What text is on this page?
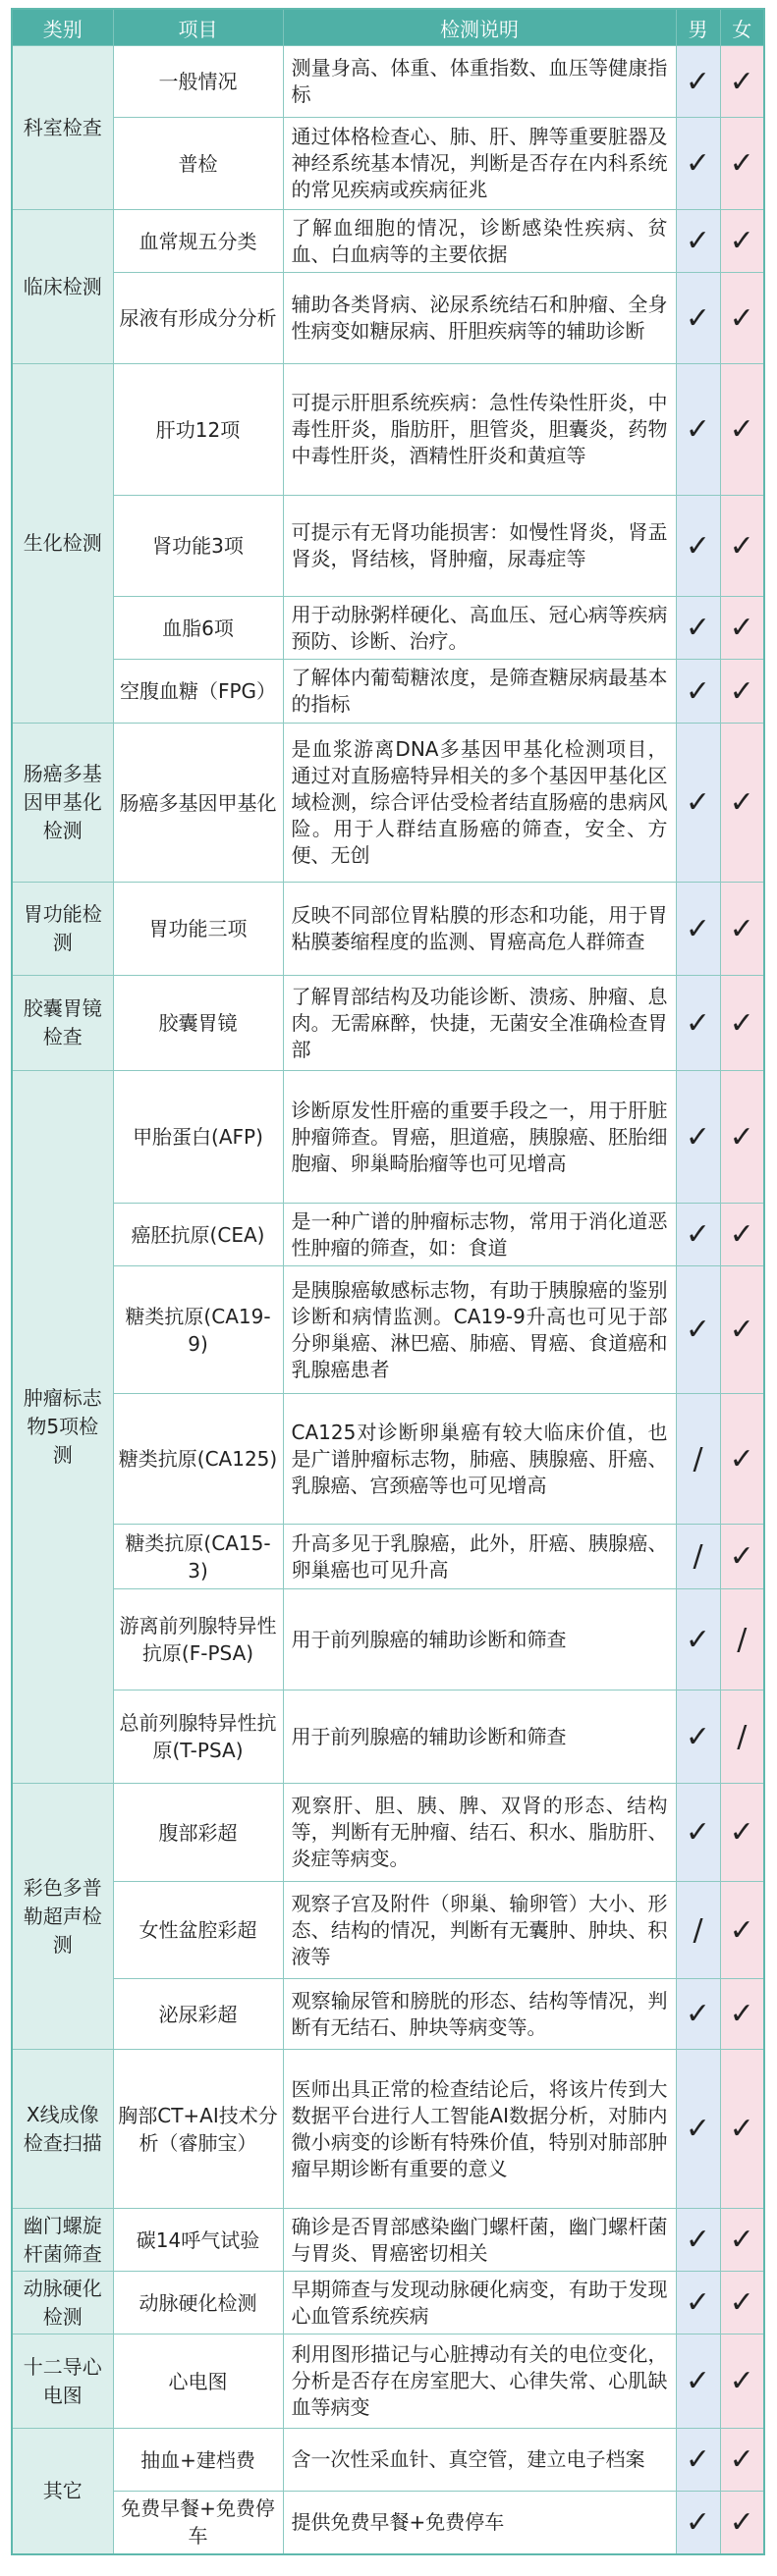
类别	项目	检测说明	男	女
科室检查	一般情况	测量身高、体重、体重指数、血压等健康指标	✓	✓
	普检	通过体格检查心、肺、肝、脾等重要脏器及神经系统基本情况，判断是否存在内科系统的常见疾病或疾病征兆	✓	✓
临床检测	血常规五分类	了解血细胞的情况，诊断感染性疾病、贫血、白血病等的主要依据	✓	✓
	尿液有形成分分析	辅助各类肾病、泌尿系统结石和肿瘤、全身性病变如糖尿病、肝胆疾病等的辅助诊断	✓	✓
生化检测	肝功12项	可提示肝胆系统疾病：急性传染性肝炎，中毒性肝炎，脂肪肝，胆管炎，胆囊炎，药物中毒性肝炎，酒精性肝炎和黄疸等	✓	✓
	肾功能3项	可提示有无肾功能损害：如慢性肾炎，肾盂肾炎，肾结核，肾肿瘤，尿毒症等	✓	✓
	血脂6项	用于动脉粥样硬化、高血压、冠心病等疾病预防、诊断、治疗。	✓	✓
	空腹血糖（FPG）	了解体内葡萄糖浓度，是筛查糖尿病最基本的指标	✓	✓
肠癌多基因甲基化检测	肠癌多基因甲基化	是血浆游离DNA多基因甲基化检测项目，通过对直肠癌特异相关的多个基因甲基化区域检测，综合评估受检者结直肠癌的患病风险。用于人群结直肠癌的筛查，安全、方便、无创	✓	✓
胃功能检测	胃功能三项	反映不同部位胃粘膜的形态和功能，用于胃粘膜萎缩程度的监测、胃癌高危人群筛查	✓	✓
胶囊胃镜检查	胶囊胃镜	了解胃部结构及功能诊断、溃疡、肿瘤、息肉。无需麻醉，快捷，无菌安全准确检查胃部	✓	✓
肿瘤标志物5项检测	甲胎蛋白(AFP)	诊断原发性肝癌的重要手段之一，用于肝脏肿瘤筛查。胃癌，胆道癌，胰腺癌、胚胎细胞瘤、卵巢畸胎瘤等也可见增高	✓	✓
	癌胚抗原(CEA)	是一种广谱的肿瘤标志物，常用于消化道恶性肿瘤的筛查，如：食道	✓	✓
	糖类抗原(CA19-9)	是胰腺癌敏感标志物，有助于胰腺癌的鉴别诊断和病情监测。CA19-9升高也可见于部分卵巢癌、淋巴癌、肺癌、胃癌、食道癌和乳腺癌患者	✓	✓
	糖类抗原(CA125)	CA125对诊断卵巢癌有较大临床价值，也是广谱肿瘤标志物，肺癌、胰腺癌、肝癌、乳腺癌、宫颈癌等也可见增高	/	✓
	糖类抗原(CA15-3)	升高多见于乳腺癌，此外，肝癌、胰腺癌、卵巢癌也可见升高	/	✓
	游离前列腺特异性抗原(F-PSA)	用于前列腺癌的辅助诊断和筛查	✓	/
	总前列腺特异性抗原(T-PSA)	用于前列腺癌的辅助诊断和筛查	✓	/
彩色多普勒超声检测	腹部彩超	观察肝、胆、胰、脾、双肾的形态、结构等，判断有无肿瘤、结石、积水、脂肪肝、炎症等病变。	✓	✓
	女性盆腔彩超	观察子宫及附件（卵巢、输卵管）大小、形态、结构的情况，判断有无囊肿、肿块、积液等	/	✓
	泌尿彩超	观察输尿管和膀胱的形态、结构等情况，判断有无结石、肿块等病变等。	✓	✓
X线成像检查扫描	胸部CT+AI技术分析（睿肺宝）	医师出具正常的检查结论后，将该片传到大数据平台进行人工智能AI数据分析，对肺内微小病变的诊断有特殊价值，特别对肺部肿瘤早期诊断有重要的意义	✓	✓
幽门螺旋杆菌筛查	碳14呼气试验	确诊是否胃部感染幽门螺杆菌，幽门螺杆菌与胃炎、胃癌密切相关	✓	✓
动脉硬化检测	动脉硬化检测	早期筛查与发现动脉硬化病变，有助于发现心血管系统疾病	✓	✓
十二导心电图	心电图	利用图形描记与心脏搏动有关的电位变化，分析是否存在房室肥大、心律失常、心肌缺血等病变	✓	✓
其它	抽血+建档费	含一次性采血针、真空管，建立电子档案	✓	✓
	免费早餐+免费停车	提供免费早餐+免费停车	✓	✓
